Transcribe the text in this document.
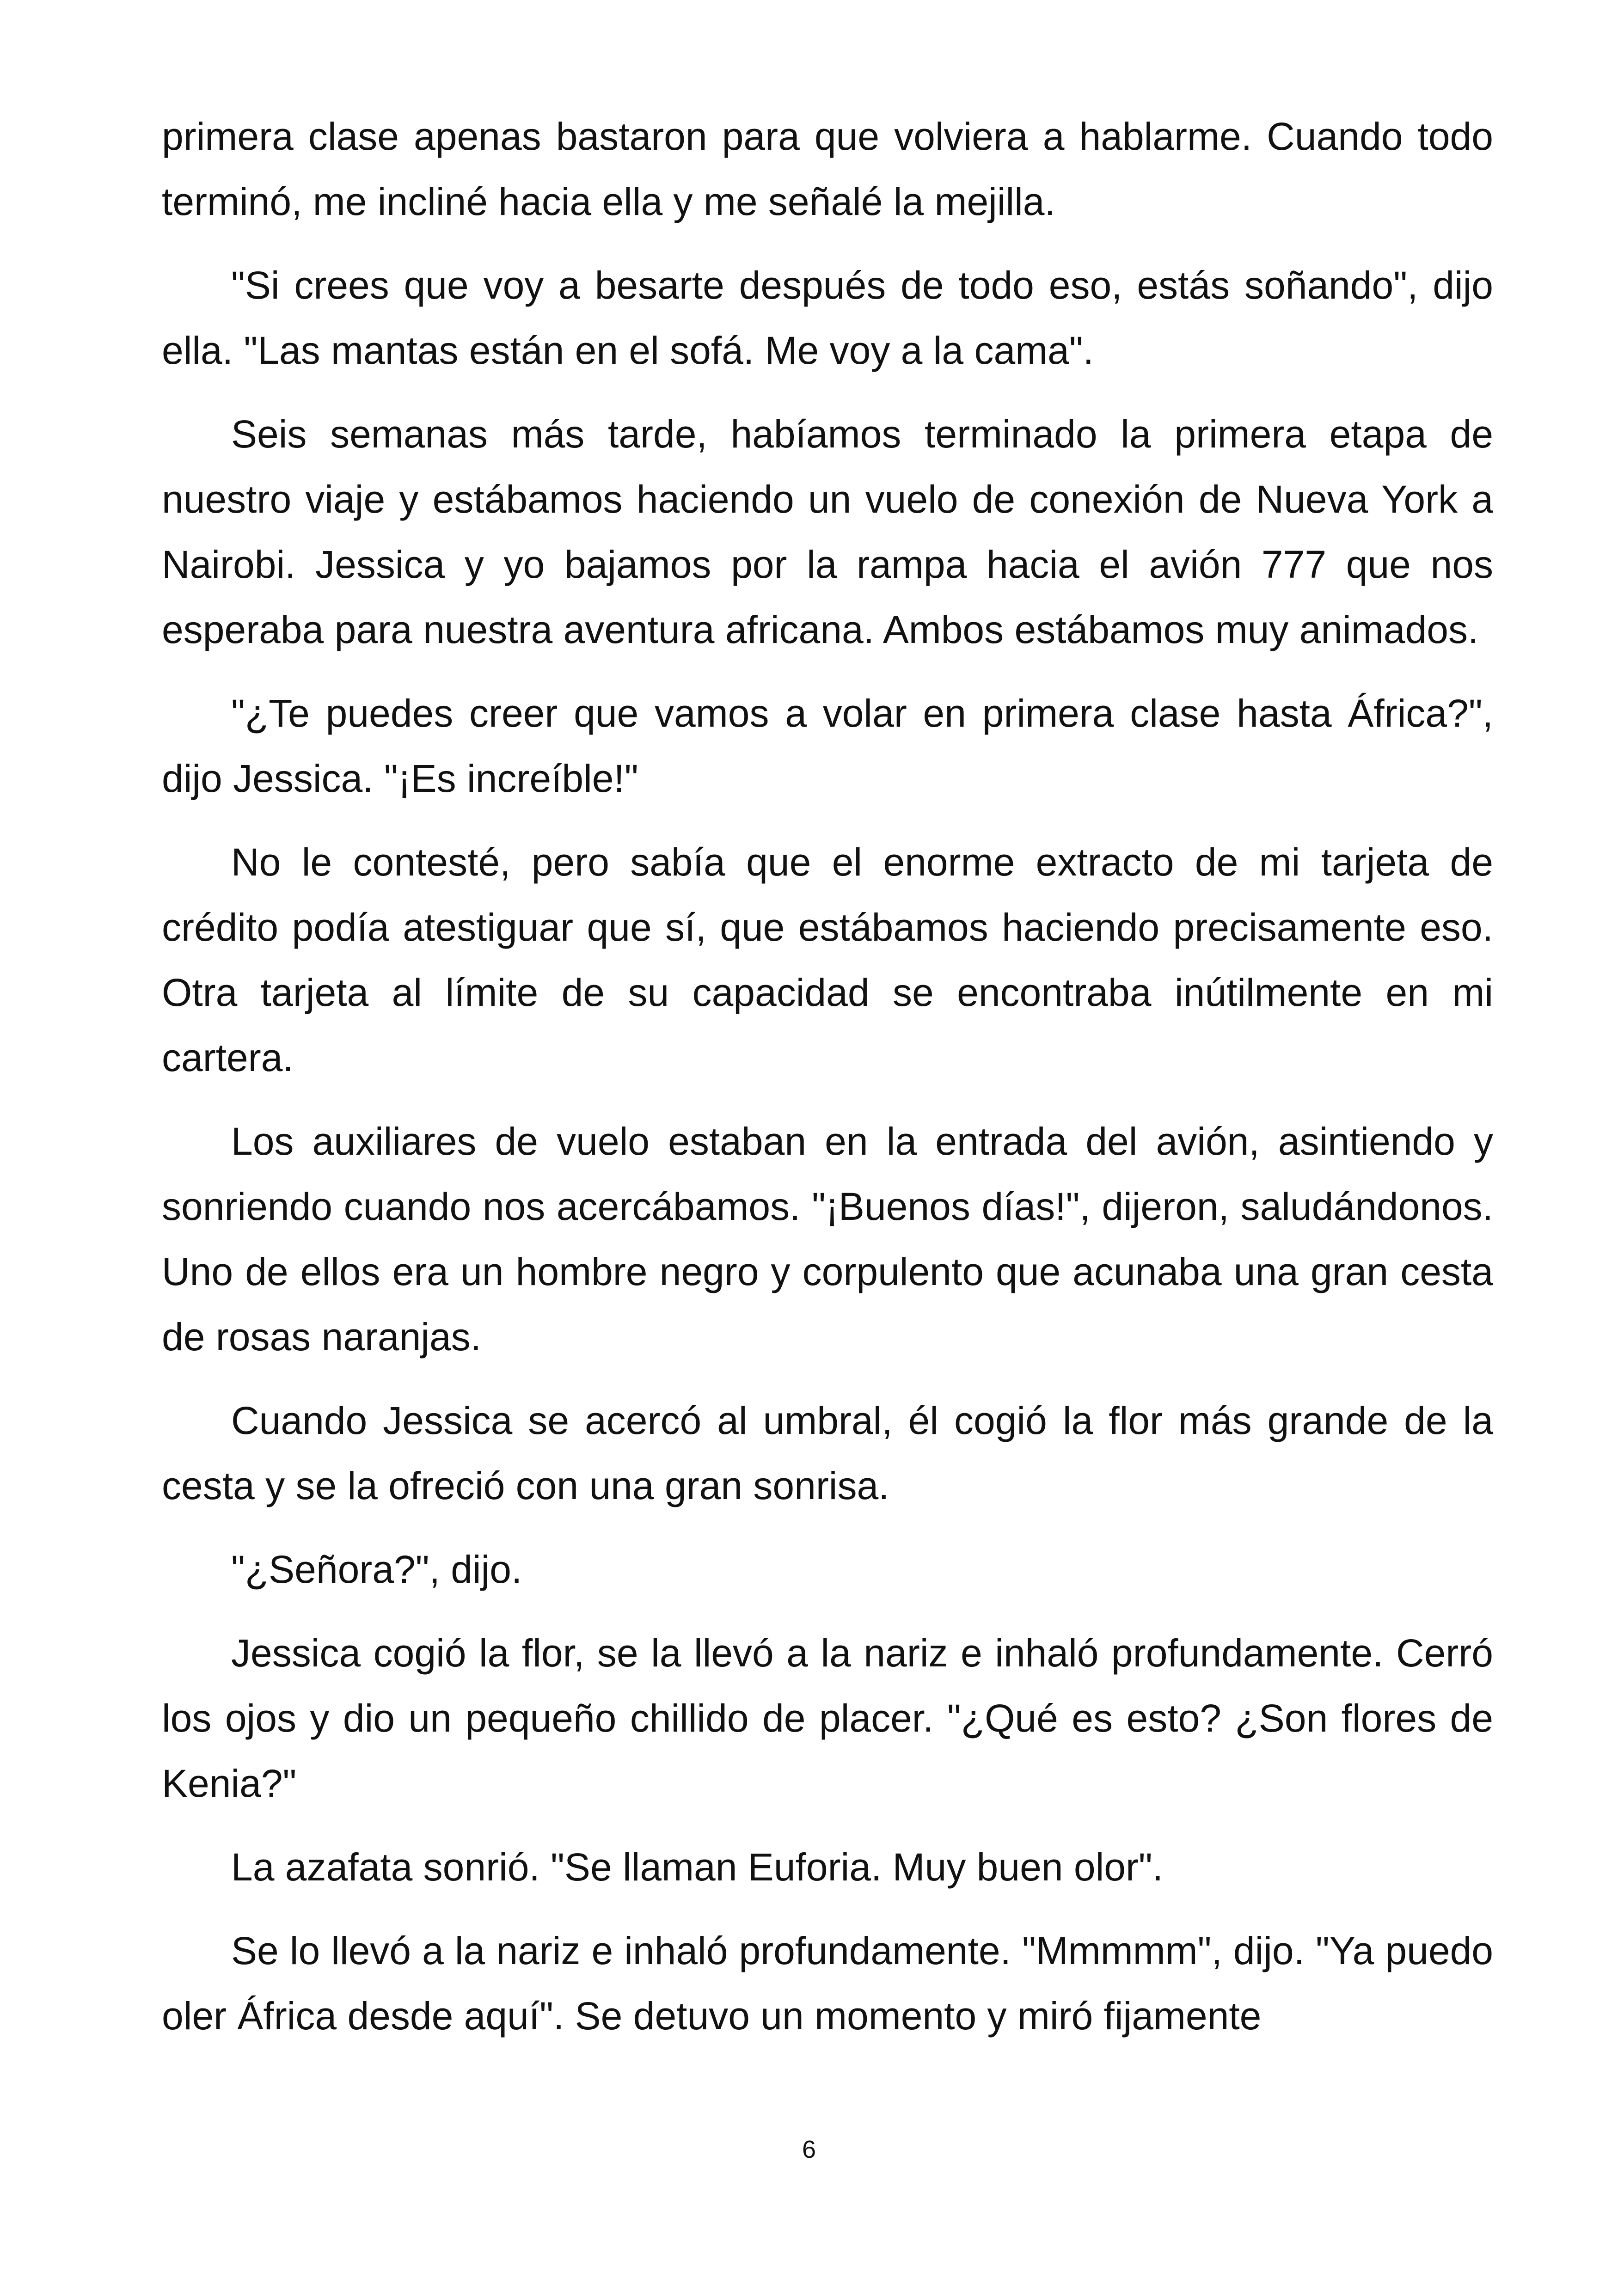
primera clase apenas bastaron para que volviera a hablarme. Cuando todo terminó, me incliné hacia ella y me señalé la mejilla.

"Si crees que voy a besarte después de todo eso, estás soñando", dijo ella. "Las mantas están en el sofá. Me voy a la cama".

Seis semanas más tarde, habíamos terminado la primera etapa de nuestro viaje y estábamos haciendo un vuelo de conexión de Nueva York a Nairobi. Jessica y yo bajamos por la rampa hacia el avión 777 que nos esperaba para nuestra aventura africana. Ambos estábamos muy animados.

"¿Te puedes creer que vamos a volar en primera clase hasta África?", dijo Jessica. "¡Es increíble!"

No le contesté, pero sabía que el enorme extracto de mi tarjeta de crédito podía atestiguar que sí, que estábamos haciendo precisamente eso. Otra tarjeta al límite de su capacidad se encontraba inútilmente en mi cartera.

Los auxiliares de vuelo estaban en la entrada del avión, asintiendo y sonriendo cuando nos acercábamos. "¡Buenos días!", dijeron, saludándonos. Uno de ellos era un hombre negro y corpulento que acunaba una gran cesta de rosas naranjas.

Cuando Jessica se acercó al umbral, él cogió la flor más grande de la cesta y se la ofreció con una gran sonrisa.

"¿Señora?", dijo.

Jessica cogió la flor, se la llevó a la nariz e inhaló profundamente. Cerró los ojos y dio un pequeño chillido de placer. "¿Qué es esto? ¿Son flores de Kenia?"

La azafata sonrió. "Se llaman Euforia. Muy buen olor".

Se lo llevó a la nariz e inhaló profundamente. "Mmmmm", dijo. "Ya puedo oler África desde aquí". Se detuvo un momento y miró fijamente

6
